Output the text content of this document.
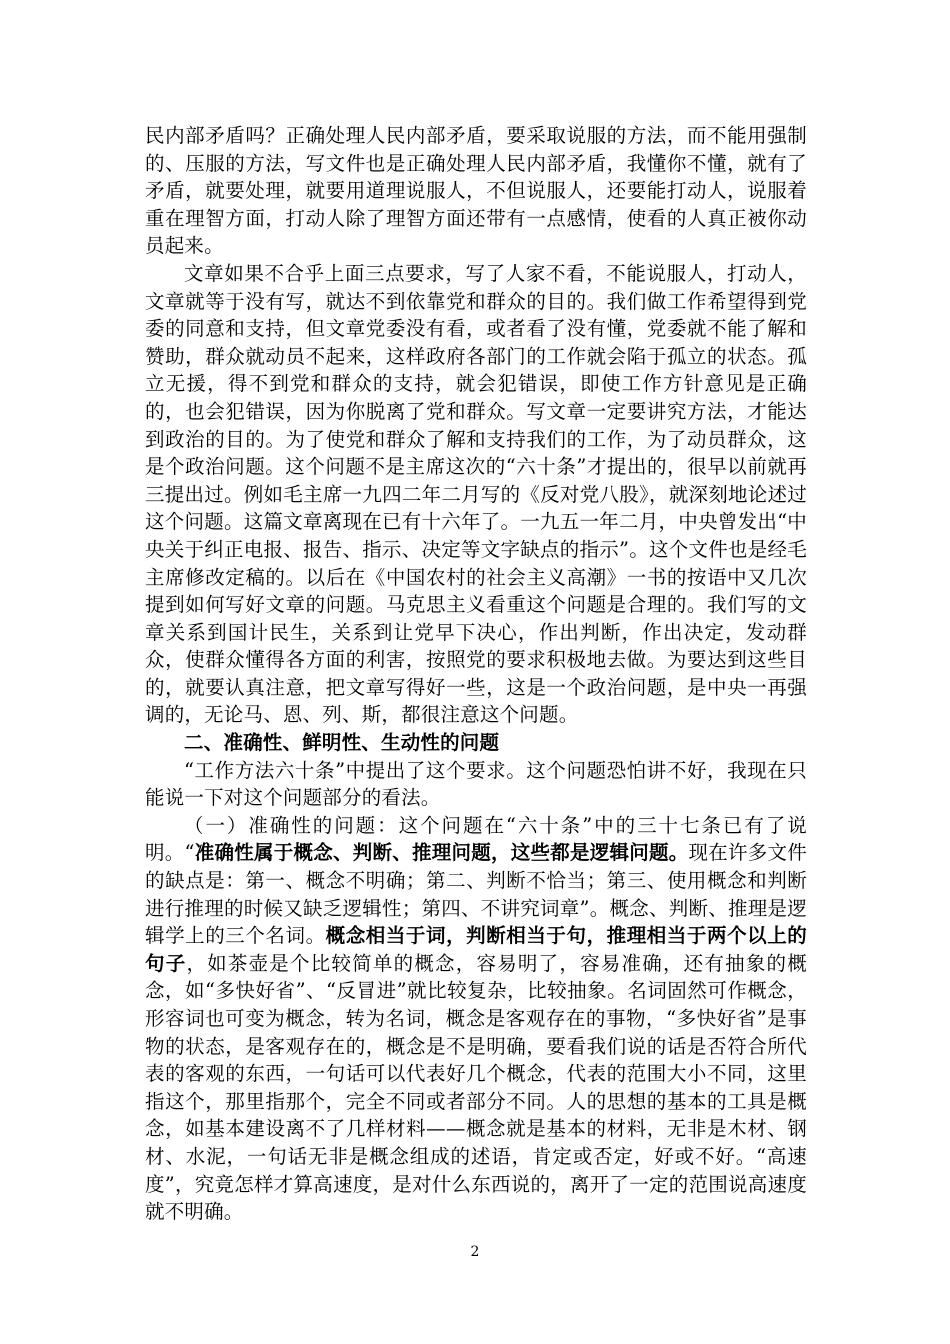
民内部矛盾吗？正确处理人民内部矛盾，要采取说服的方法，而不能用强制的、压服的方法，写文件也是正确处理人民内部矛盾，我懂你不懂，就有了矛盾，就要处理，就要用道理说服人，不但说服人，还要能打动人，说服着重在理智方面，打动人除了理智方面还带有一点感情，使看的人真正被你动员起来。

文章如果不合乎上面三点要求，写了人家不看，不能说服人，打动人，文章就等于没有写，就达不到依靠党和群众的目的。我们做工作希望得到党委的同意和支持，但文章党委没有看，或者看了没有懂，党委就不能了解和赞助，群众就动员不起来，这样政府各部门的工作就会陷于孤立的状态。孤立无援，得不到党和群众的支持，就会犯错误，即使工作方针意见是正确的，也会犯错误，因为你脱离了党和群众。写文章一定要讲究方法，才能达到政治的目的。为了使党和群众了解和支持我们的工作，为了动员群众，这是个政治问题。这个问题不是主席这次的“六十条”才提出的，很早以前就再三提出过。例如毛主席一九四二年二月写的《反对党八股》，就深刻地论述过这个问题。这篇文章离现在已有十六年了。一九五一年二月，中央曾发出“中央关于纠正电报、报告、指示、决定等文字缺点的指示”。这个文件也是经毛主席修改定稿的。以后在《中国农村的社会主义高潮》一书的按语中又几次提到如何写好文章的问题。马克思主义看重这个问题是合理的。我们写的文章关系到国计民生，关系到让党早下决心，作出判断，作出决定，发动群众，使群众懂得各方面的利害，按照党的要求积极地去做。为要达到这些目的，就要认真注意，把文章写得好一些，这是一个政治问题，是中央一再强调的，无论马、恩、列、斯，都很注意这个问题。

二、准确性、鲜明性、生动性的问题

“工作方法六十条”中提出了这个要求。这个问题恐怕讲不好，我现在只能说一下对这个问题部分的看法。

（一）准确性的问题：这个问题在“六十条”中的三十七条已有了说明。“准确性属于概念、判断、推理问题，这些都是逻辑问题。现在许多文件的缺点是：第一、概念不明确；第二、判断不恰当；第三、使用概念和判断进行推理的时候又缺乏逻辑性；第四、不讲究词章”。概念、判断、推理是逻辑学上的三个名词。概念相当于词，判断相当于句，推理相当于两个以上的句子，如茶壶是个比较简单的概念，容易明了，容易准确，还有抽象的概念，如“多快好省”、“反冒进”就比较复杂，比较抽象。名词固然可作概念，形容词也可变为概念，转为名词，概念是客观存在的事物，“多快好省”是事物的状态，是客观存在的，概念是不是明确，要看我们说的话是否符合所代表的客观的东西，一句话可以代表好几个概念，代表的范围大小不同，这里指这个，那里指那个，完全不同或者部分不同。人的思想的基本的工具是概念，如基本建设离不了几样材料——概念就是基本的材料，无非是木材、钢材、水泥，一句话无非是概念组成的述语，肯定或否定，好或不好。“高速度”，究竟怎样才算高速度，是对什么东西说的，离开了一定的范围说高速度就不明确。

2
